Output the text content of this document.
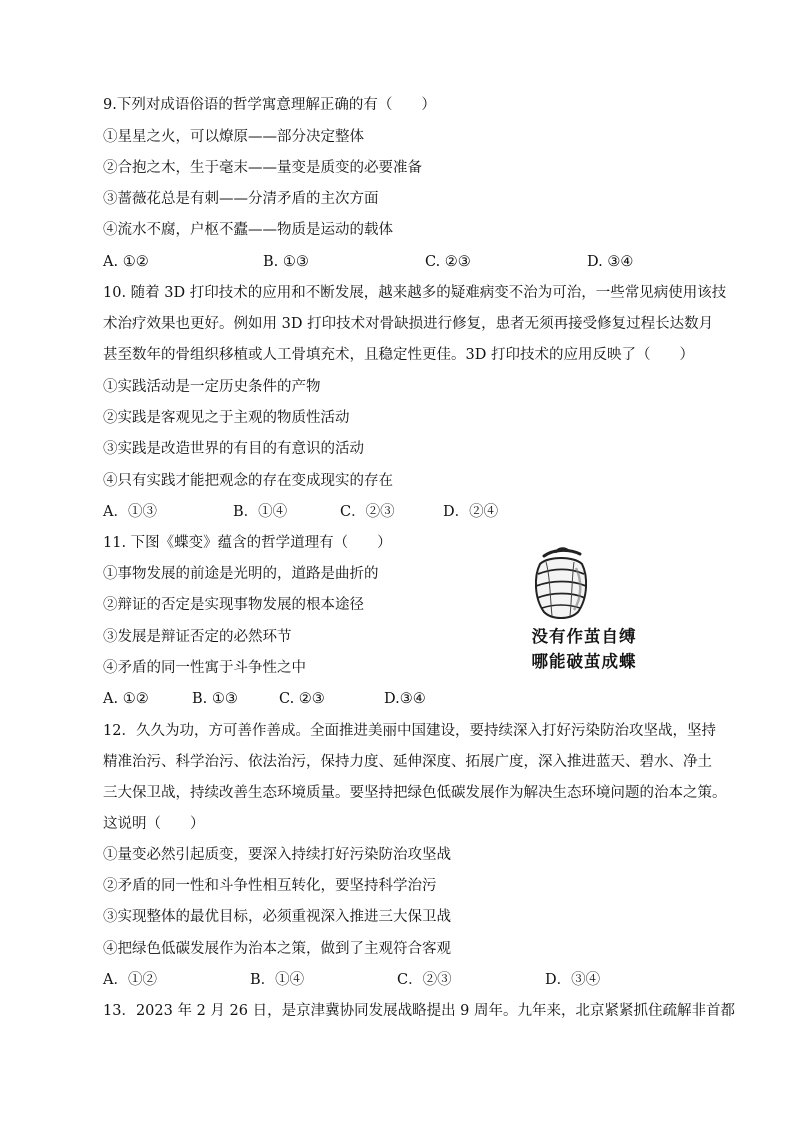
9.下列对成语俗语的哲学寓意理解正确的有（　　）
①星星之火，可以燎原——部分决定整体
②合抱之木，生于毫末——量变是质变的必要准备
③蔷薇花总是有刺——分清矛盾的主次方面
④流水不腐，户枢不蠹——物质是运动的载体
A. ①②	B. ①③	C. ②③	D. ③④
10. 随着 3D 打印技术的应用和不断发展，越来越多的疑难病变不治为可治，一些常见病使用该技
术治疗效果也更好。例如用 3D 打印技术对骨缺损进行修复，患者无须再接受修复过程长达数月
甚至数年的骨组织移植或人工骨填充术，且稳定性更佳。3D 打印技术的应用反映了（　　）
①实践活动是一定历史条件的产物
②实践是客观见之于主观的物质性活动
③实践是改造世界的有目的有意识的活动
④只有实践才能把观念的存在变成现实的存在
A．①③	B．①④	C．②③	D．②④
11. 下图《蝶变》蕴含的哲学道理有（　　）
①事物发展的前途是光明的，道路是曲折的
②辩证的否定是实现事物发展的根本途径
③发展是辩证否定的必然环节
④矛盾的同一性寓于斗争性之中
A. ①②	B. ①③	C. ②③	D.③④
没有作茧自缚
哪能破茧成蝶
12．久久为功，方可善作善成。全面推进美丽中国建设，要持续深入打好污染防治攻坚战，坚持
精准治污、科学治污、依法治污，保持力度、延伸深度、拓展广度，深入推进蓝天、碧水、净土
三大保卫战，持续改善生态环境质量。要坚持把绿色低碳发展作为解决生态环境问题的治本之策。
这说明（　　）
①量变必然引起质变，要深入持续打好污染防治攻坚战
②矛盾的同一性和斗争性相互转化，要坚持科学治污
③实现整体的最优目标，必须重视深入推进三大保卫战
④把绿色低碳发展作为治本之策，做到了主观符合客观
A．①②	B．①④	C．②③	D．③④
13．2023 年 2 月 26 日，是京津冀协同发展战略提出 9 周年。九年来，北京紧紧抓住疏解非首都
